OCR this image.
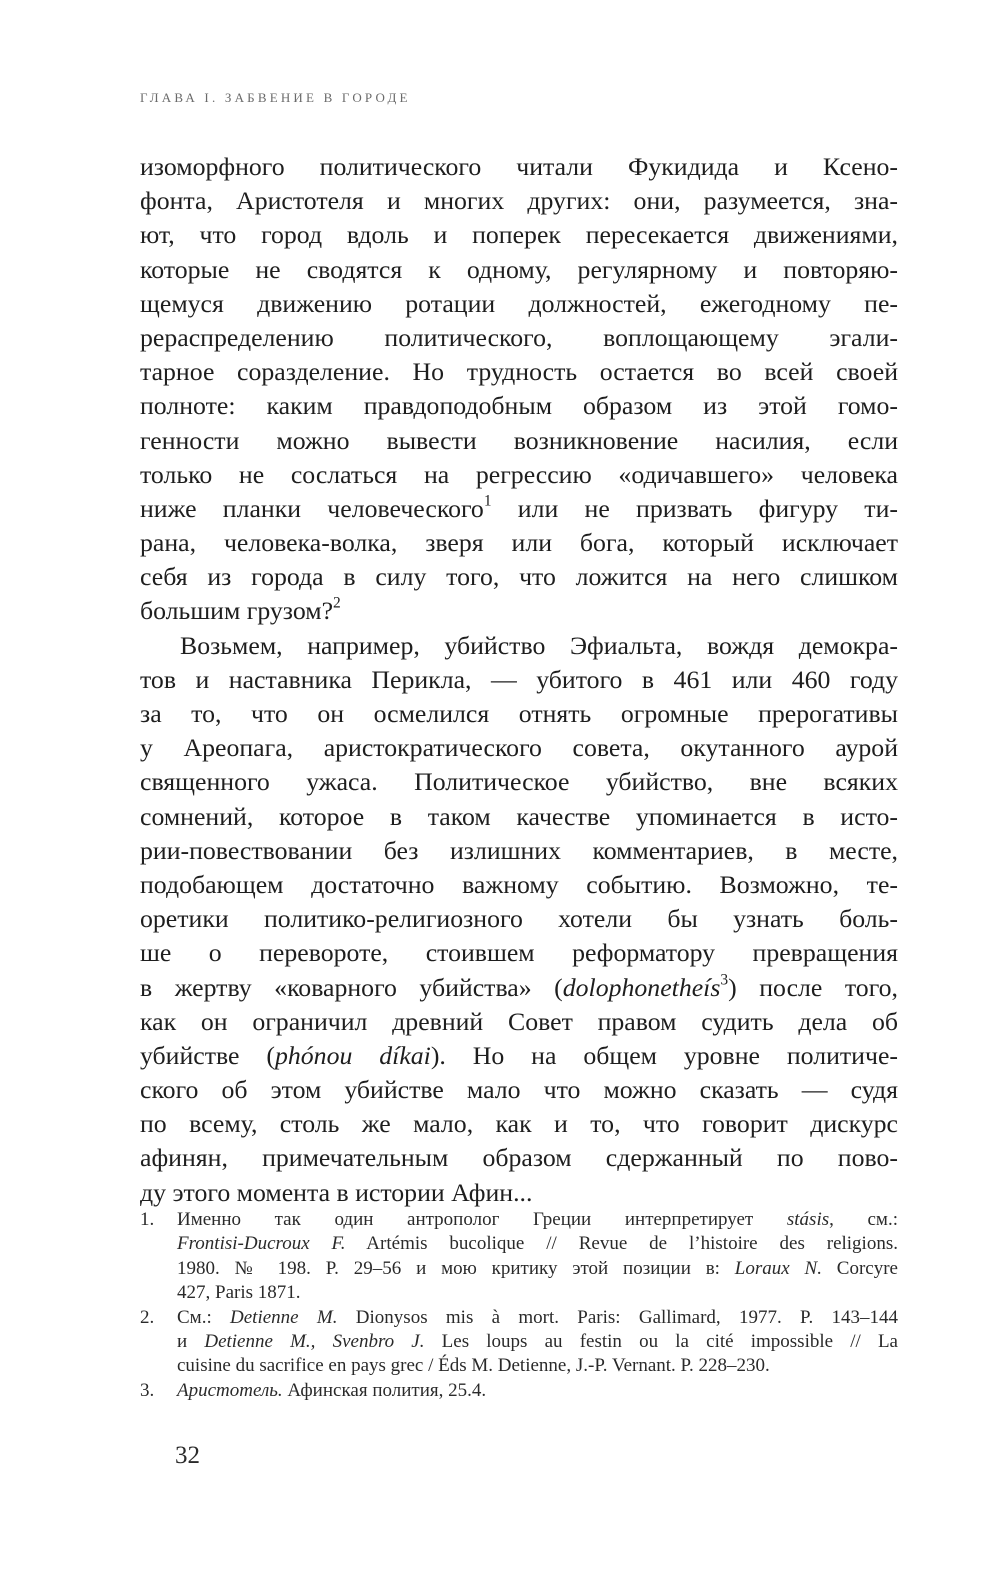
ГЛАВА I. ЗАБВЕНИЕ В ГОРОДЕ
изоморфного политического читали Фукидида и Ксено-
фонта, Аристотеля и многих других: они, разумеется, зна-
ют, что город вдоль и поперек пересекается движениями,
которые не сводятся к одному, регулярному и повторяю-
щемуся движению ротации должностей, ежегодному пе-
рераспределению политического, воплощающему эгали-
тарное соразделение. Но трудность остается во всей своей
полноте: каким правдоподобным образом из этой гомо-
генности можно вывести возникновение насилия, если
только не сослаться на регрессию «одичавшего» человека
ниже планки человеческого$^1$ или не призвать фигуру ти-
рана, человека-волка, зверя или бога, который исключает
себя из города в силу того, что ложится на него слишком
большим грузом?$^2$
Возьмем, например, убийство Эфиальта, вождя демокра-
тов и наставника Перикла, — убитого в 461 или 460 году
за то, что он осмелился отнять огромные прерогативы
у Ареопага, аристократического совета, окутанного аурой
священного ужаса. Политическое убийство, вне всяких
сомнений, которое в таком качестве упоминается в исто-
рии-повествовании без излишних комментариев, в месте,
подобающем достаточно важному событию. Возможно, те-
оретики политико-религиозного хотели бы узнать боль-
ше о перевороте, стоившем реформатору превращения
в жертву «коварного убийства» (dolophonetheís$^3$) после того,
как он ограничил древний Совет правом судить дела об
убийстве (phónou díkai). Но на общем уровне политиче-
ского об этом убийстве мало что можно сказать — судя
по всему, столь же мало, как и то, что говорит дискурс
афинян, примечательным образом сдержанный по пово-
ду этого момента в истории Афин...
1. Именно так один антрополог Греции интерпретирует stásis, см.:
Frontisi-Ducroux F. Artémis bucolique // Revue de l’histoire des religions.
1980. № 198. P. 29–56 и мою критику этой позиции в: Loraux N. Corcyre
427, Paris 1871.
2. См.: Detienne M. Dionysos mis à mort. Paris: Gallimard, 1977. P. 143–144
и Detienne M., Svenbro J. Les loups au festin ou la cité impossible // La
cuisine du sacrifice en pays grec / Éds M. Detienne, J.-P. Vernant. P. 228–230.
3. Аристотель. Афинская полития, 25.4.
32
